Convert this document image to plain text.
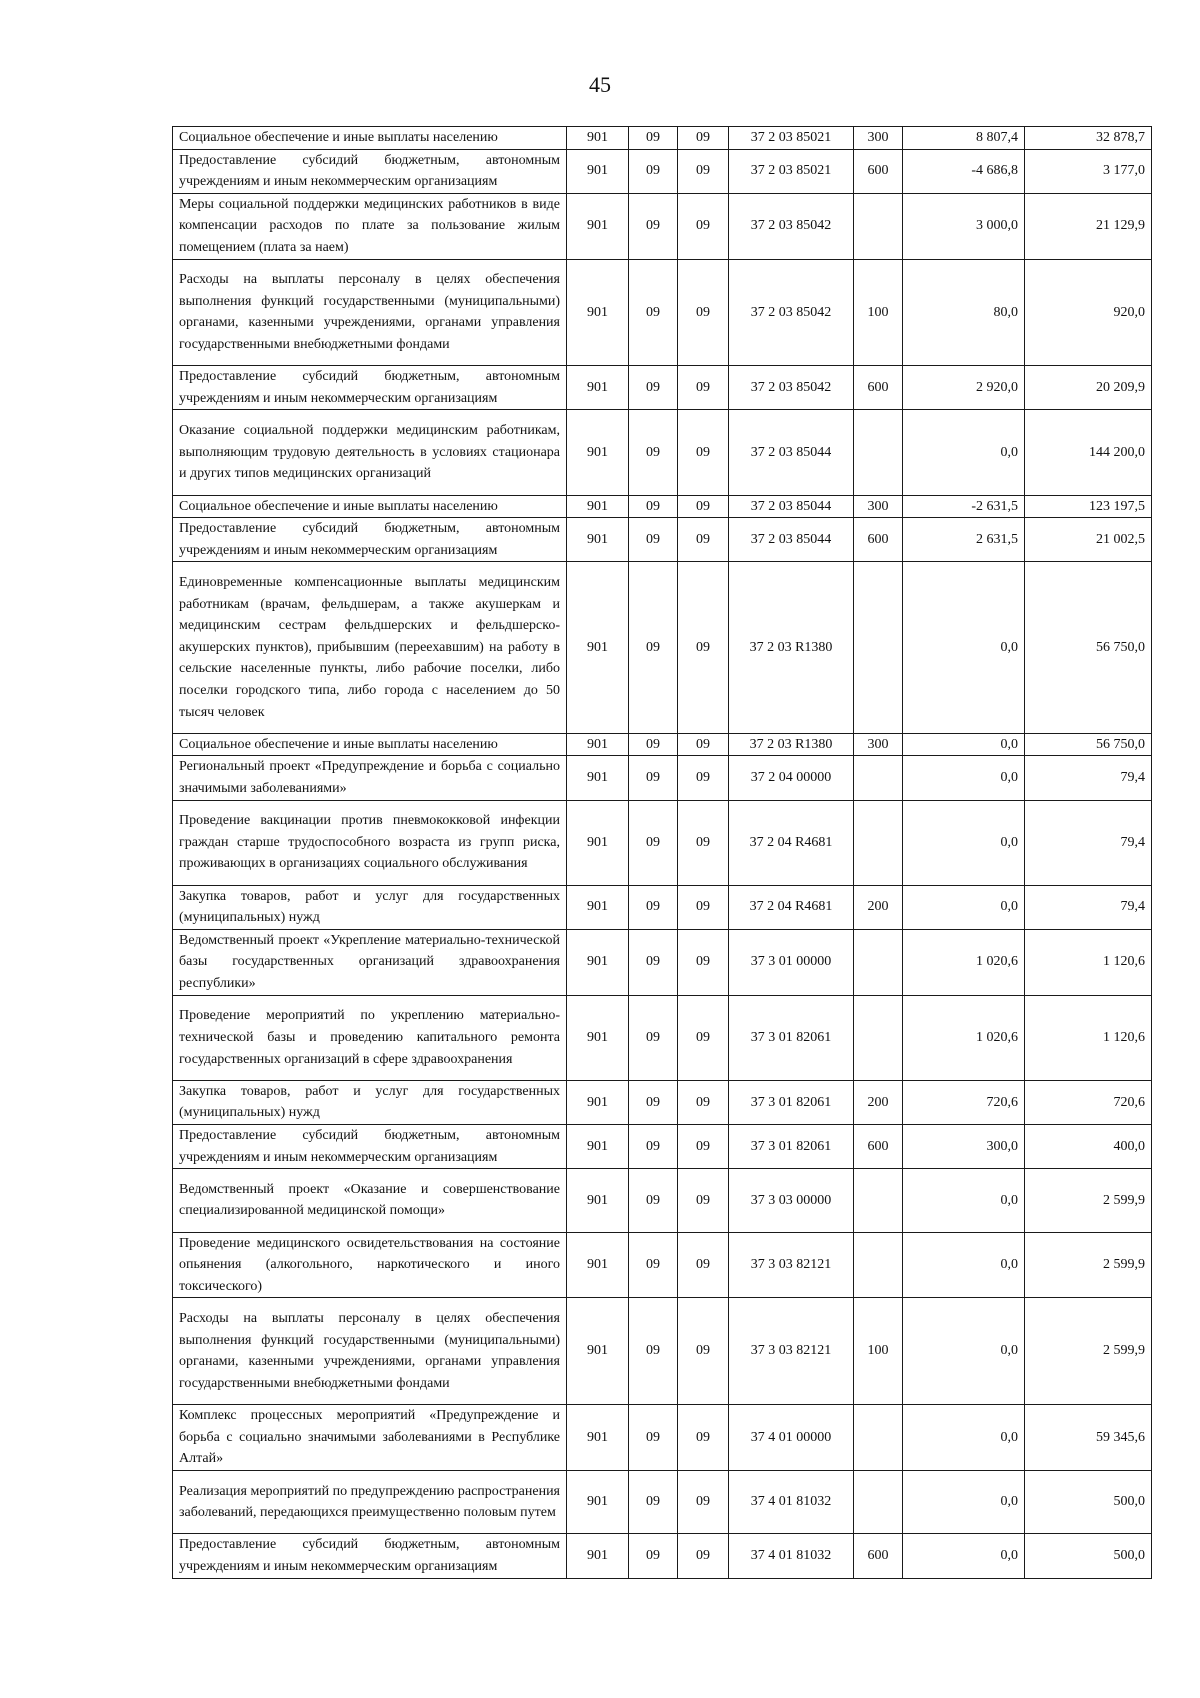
45
Социальное обеспечение и иные выплаты населению	901	09	09	37 2 03 85021	300	8 807,4	32 878,7
Предоставление субсидий бюджетным, автономным учреждениям и иным некоммерческим организациям	901	09	09	37 2 03 85021	600	-4 686,8	3 177,0
Меры социальной поддержки медицинских работников в виде компенсации расходов по плате за пользование жилым помещением (плата за наем)	901	09	09	37 2 03 85042		3 000,0	21 129,9
Расходы на выплаты персоналу в целях обеспечения выполнения функций государственными (муниципальными) органами, казенными учреждениями, органами управления государственными внебюджетными фондами	901	09	09	37 2 03 85042	100	80,0	920,0
Предоставление субсидий бюджетным, автономным учреждениям и иным некоммерческим организациям	901	09	09	37 2 03 85042	600	2 920,0	20 209,9
Оказание социальной поддержки медицинским работникам, выполняющим трудовую деятельность в условиях стационара и других типов медицинских организаций	901	09	09	37 2 03 85044		0,0	144 200,0
Социальное обеспечение и иные выплаты населению	901	09	09	37 2 03 85044	300	-2 631,5	123 197,5
Предоставление субсидий бюджетным, автономным учреждениям и иным некоммерческим организациям	901	09	09	37 2 03 85044	600	2 631,5	21 002,5
Единовременные компенсационные выплаты медицинским работникам (врачам, фельдшерам, а также акушеркам и медицинским сестрам фельдшерских и фельдшерско-акушерских пунктов), прибывшим (переехавшим) на работу в сельские населенные пункты, либо рабочие поселки, либо поселки городского типа, либо города с населением до 50 тысяч человек	901	09	09	37 2 03 R1380		0,0	56 750,0
Социальное обеспечение и иные выплаты населению	901	09	09	37 2 03 R1380	300	0,0	56 750,0
Региональный проект «Предупреждение и борьба с социально значимыми заболеваниями»	901	09	09	37 2 04 00000		0,0	79,4
Проведение вакцинации против пневмококковой инфекции граждан старше трудоспособного возраста из групп риска, проживающих в организациях социального обслуживания	901	09	09	37 2 04 R4681		0,0	79,4
Закупка товаров, работ и услуг для государственных (муниципальных) нужд	901	09	09	37 2 04 R4681	200	0,0	79,4
Ведомственный проект «Укрепление материально-технической базы государственных организаций здравоохранения республики»	901	09	09	37 3 01 00000		1 020,6	1 120,6
Проведение мероприятий по укреплению материально-технической базы и проведению капитального ремонта государственных организаций в сфере здравоохранения	901	09	09	37 3 01 82061		1 020,6	1 120,6
Закупка товаров, работ и услуг для государственных (муниципальных) нужд	901	09	09	37 3 01 82061	200	720,6	720,6
Предоставление субсидий бюджетным, автономным учреждениям и иным некоммерческим организациям	901	09	09	37 3 01 82061	600	300,0	400,0
Ведомственный проект «Оказание и совершенствование специализированной медицинской помощи»	901	09	09	37 3 03 00000		0,0	2 599,9
Проведение медицинского освидетельствования на состояние опьянения (алкогольного, наркотического и иного токсического)	901	09	09	37 3 03 82121		0,0	2 599,9
Расходы на выплаты персоналу в целях обеспечения выполнения функций государственными (муниципальными) органами, казенными учреждениями, органами управления государственными внебюджетными фондами	901	09	09	37 3 03 82121	100	0,0	2 599,9
Комплекс процессных мероприятий «Предупреждение и борьба с социально значимыми заболеваниями в Республике Алтай»	901	09	09	37 4 01 00000		0,0	59 345,6
Реализация мероприятий по предупреждению распространения заболеваний, передающихся преимущественно половым путем	901	09	09	37 4 01 81032		0,0	500,0
Предоставление субсидий бюджетным, автономным учреждениям и иным некоммерческим организациям	901	09	09	37 4 01 81032	600	0,0	500,0
